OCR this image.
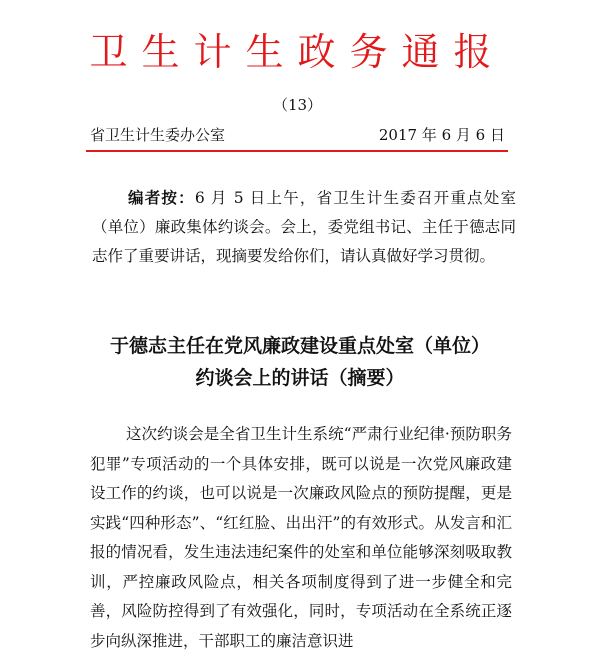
卫生计生政务通报
（13）
省卫生计生委办公室	2017 年 6 月 6 日
编者按：6 月 5 日上午，省卫生计生委召开重点处室（单位）廉政集体约谈会。会上，委党组书记、主任于德志同志作了重要讲话，现摘要发给你们，请认真做好学习贯彻。
于德志主任在党风廉政建设重点处室（单位）
约谈会上的讲话（摘要）
这次约谈会是全省卫生计生系统“严肃行业纪律·预防职务犯罪”专项活动的一个具体安排，既可以说是一次党风廉政建设工作的约谈，也可以说是一次廉政风险点的预防提醒，更是实践“四种形态”、“红红脸、出出汗”的有效形式。从发言和汇报的情况看，发生违法违纪案件的处室和单位能够深刻吸取教训，严控廉政风险点，相关各项制度得到了进一步健全和完善，风险防控得到了有效强化，同时，专项活动在全系统正逐步向纵深推进，干部职工的廉洁意识进
